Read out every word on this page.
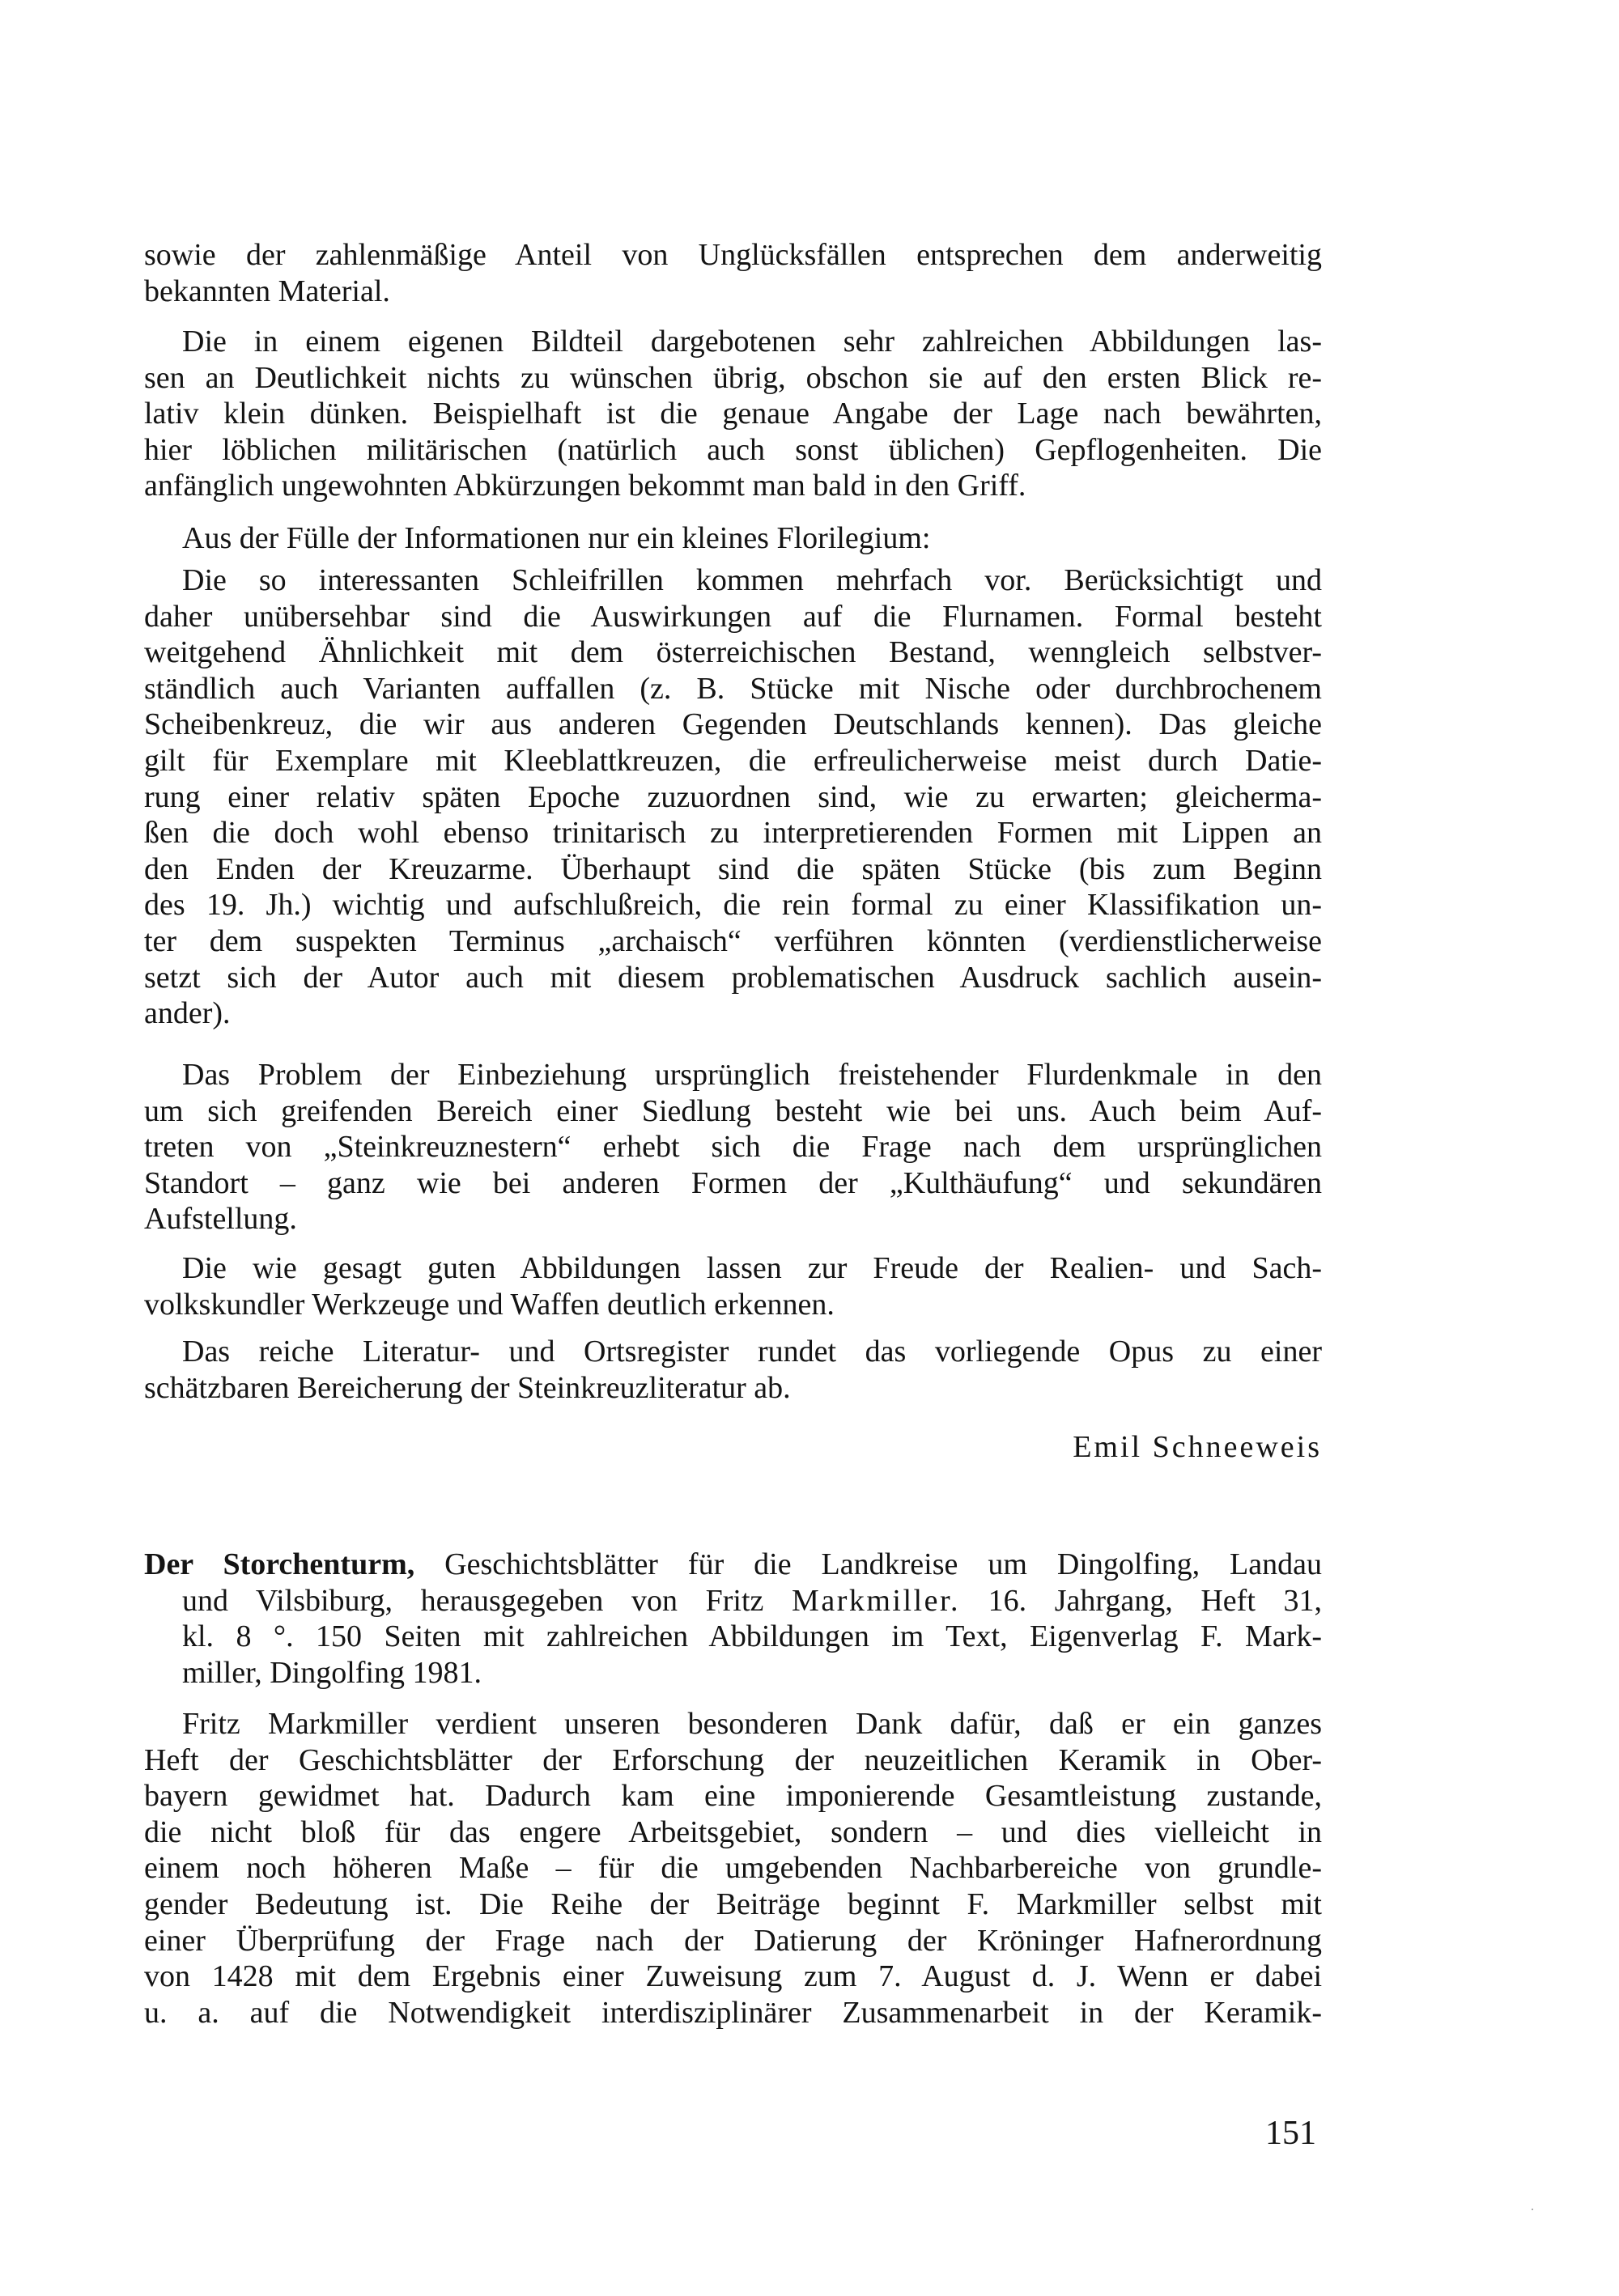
sowie der zahlenmäßige Anteil von Unglücksfällen entsprechen dem anderweitig
bekannten Material.
Die in einem eigenen Bildteil dargebotenen sehr zahlreichen Abbildungen las-
sen an Deutlichkeit nichts zu wünschen übrig, obschon sie auf den ersten Blick re-
lativ klein dünken. Beispielhaft ist die genaue Angabe der Lage nach bewährten,
hier löblichen militärischen (natürlich auch sonst üblichen) Gepflogenheiten. Die
anfänglich ungewohnten Abkürzungen bekommt man bald in den Griff.
Aus der Fülle der Informationen nur ein kleines Florilegium:
Die so interessanten Schleifrillen kommen mehrfach vor. Berücksichtigt und
daher unübersehbar sind die Auswirkungen auf die Flurnamen. Formal besteht
weitgehend Ähnlichkeit mit dem österreichischen Bestand, wenngleich selbstver-
ständlich auch Varianten auffallen (z. B. Stücke mit Nische oder durchbrochenem
Scheibenkreuz, die wir aus anderen Gegenden Deutschlands kennen). Das gleiche
gilt für Exemplare mit Kleeblattkreuzen, die erfreulicherweise meist durch Datie-
rung einer relativ späten Epoche zuzuordnen sind, wie zu erwarten; gleicherma-
ßen die doch wohl ebenso trinitarisch zu interpretierenden Formen mit Lippen an
den Enden der Kreuzarme. Überhaupt sind die späten Stücke (bis zum Beginn
des 19. Jh.) wichtig und aufschlußreich, die rein formal zu einer Klassifikation un-
ter dem suspekten Terminus „archaisch“ verführen könnten (verdienstlicherweise
setzt sich der Autor auch mit diesem problematischen Ausdruck sachlich ausein-
ander).
Das Problem der Einbeziehung ursprünglich freistehender Flurdenkmale in den
um sich greifenden Bereich einer Siedlung besteht wie bei uns. Auch beim Auf-
treten von „Steinkreuznestern“ erhebt sich die Frage nach dem ursprünglichen
Standort – ganz wie bei anderen Formen der „Kulthäufung“ und sekundären
Aufstellung.
Die wie gesagt guten Abbildungen lassen zur Freude der Realien- und Sach-
volkskundler Werkzeuge und Waffen deutlich erkennen.
Das reiche Literatur- und Ortsregister rundet das vorliegende Opus zu einer
schätzbaren Bereicherung der Steinkreuzliteratur ab.
Emil Schneeweis
Der Storchenturm, Geschichtsblätter für die Landkreise um Dingolfing, Landau
und Vilsbiburg, herausgegeben von Fritz Markmiller. 16. Jahrgang, Heft 31,
kl. 8 °. 150 Seiten mit zahlreichen Abbildungen im Text, Eigenverlag F. Mark-
miller, Dingolfing 1981.
Fritz Markmiller verdient unseren besonderen Dank dafür, daß er ein ganzes
Heft der Geschichtsblätter der Erforschung der neuzeitlichen Keramik in Ober-
bayern gewidmet hat. Dadurch kam eine imponierende Gesamtleistung zustande,
die nicht bloß für das engere Arbeitsgebiet, sondern – und dies vielleicht in
einem noch höheren Maße – für die umgebenden Nachbarbereiche von grundle-
gender Bedeutung ist. Die Reihe der Beiträge beginnt F. Markmiller selbst mit
einer Überprüfung der Frage nach der Datierung der Kröninger Hafnerordnung
von 1428 mit dem Ergebnis einer Zuweisung zum 7. August d. J. Wenn er dabei
u. a. auf die Notwendigkeit interdisziplinärer Zusammenarbeit in der Keramik-
151
